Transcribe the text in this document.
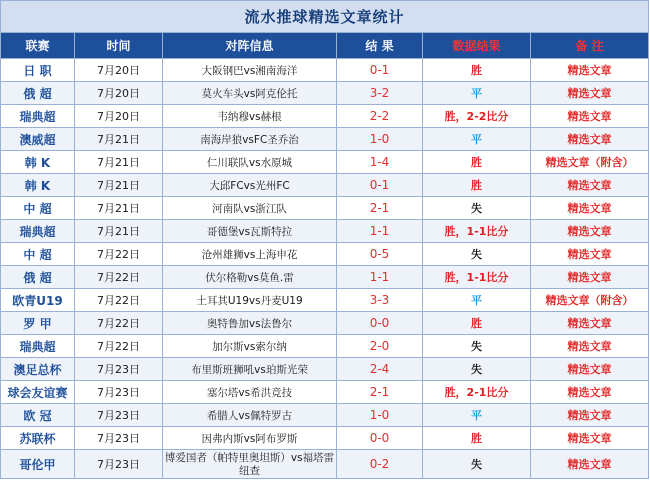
流水推球精选文章统计					
联赛	时间	对阵信息	结 果	数据结果	备 注
日 职	7月20日	大阪钢巴vs湘南海洋	0-1	胜	精选文章
俄 超	7月20日	莫火车头vs阿克伦托	3-2	平	精选文章
瑞典超	7月20日	韦纳穆vs赫根	2-2	胜，2-2比分	精选文章
澳威超	7月21日	南海岸狼vsFC圣乔治	1-0	平	精选文章
韩 K	7月21日	仁川联队vs水原城	1-4	胜	精选文章（附含）
韩 K	7月21日	大邱FCvs光州FC	0-1	胜	精选文章
中 超	7月21日	河南队vs浙江队	2-1	失	精选文章
瑞典超	7月21日	哥德堡vs瓦斯特拉	1-1	胜，1-1比分	精选文章
中 超	7月22日	沧州雄狮vs上海申花	0-5	失	精选文章
俄 超	7月22日	伏尔格勒vs莫鱼.雷	1-1	胜，1-1比分	精选文章
欧青U19	7月22日	土耳其U19vs丹麦U19	3-3	平	精选文章（附含）
罗 甲	7月22日	奥特鲁加vs法鲁尔	0-0	胜	精选文章
瑞典超	7月22日	加尔斯vs索尔纳	2-0	失	精选文章
澳足总杯	7月23日	布里斯班狮吼vs珀斯光荣	2-4	失	精选文章
球会友谊赛	7月23日	塞尔塔vs希洪竞技	2-1	胜，2-1比分	精选文章
欧 冠	7月23日	希腊人vs佩特罗古	1-0	平	精选文章
苏联杯	7月23日	因弗内斯vs阿布罗斯	0-0	胜	精选文章
哥伦甲	7月23日	博爱国者（帕特里奥坦斯）vs福塔雷纽查	0-2	失	精选文章
